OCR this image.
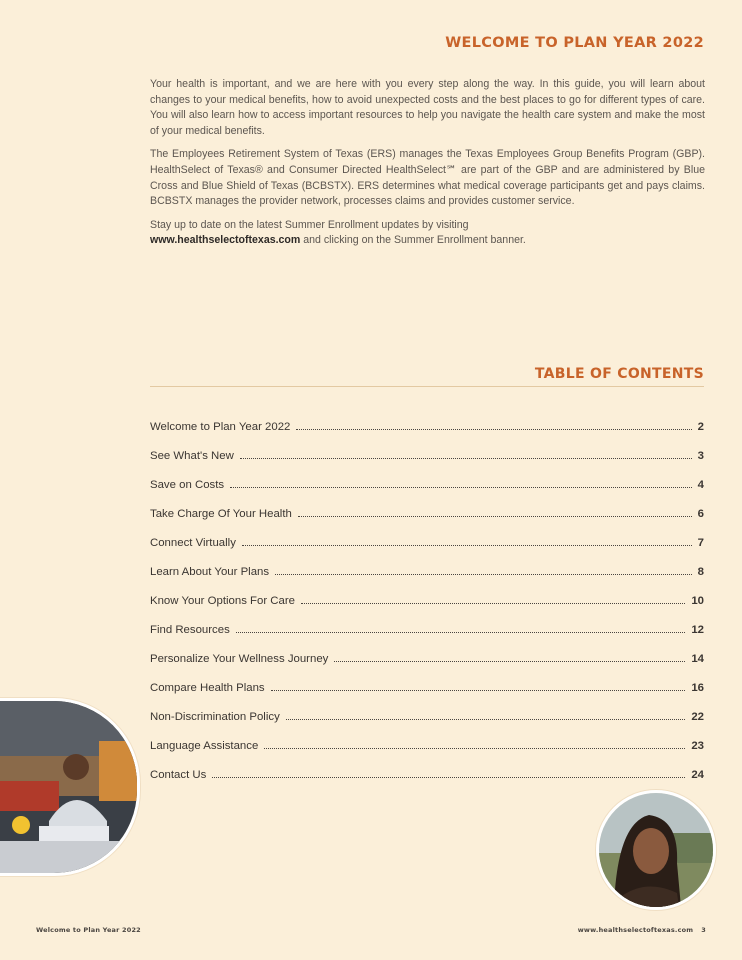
WELCOME TO PLAN YEAR 2022

Your health is important, and we are here with you every step along the way. In this guide, you will learn about changes to your medical benefits, how to avoid unexpected costs and the best places to go for different types of care. You will also learn how to access important resources to help you navigate the health care system and make the most of your medical benefits.

The Employees Retirement System of Texas (ERS) manages the Texas Employees Group Benefits Program (GBP). HealthSelect of Texas® and Consumer Directed HealthSelect℠ are part of the GBP and are administered by Blue Cross and Blue Shield of Texas (BCBSTX). ERS determines what medical coverage participants get and pays claims. BCBSTX manages the provider network, processes claims and provides customer service.

Stay up to date on the latest Summer Enrollment updates by visiting
www.healthselectoftexas.com and clicking on the Summer Enrollment banner.

TABLE OF CONTENTS
Welcome to Plan Year 2022	2
See What's New	3
Save on Costs	4
Take Charge Of Your Health	6
Connect Virtually	7
Learn About Your Plans	8
Know Your Options For Care	10
Find Resources	12
Personalize Your Wellness Journey	14
Compare Health Plans	16
Non-Discrimination Policy	22
Language Assistance	23
Contact Us	24
Welcome to Plan Year 2022	www.healthselectoftexas.com 3
